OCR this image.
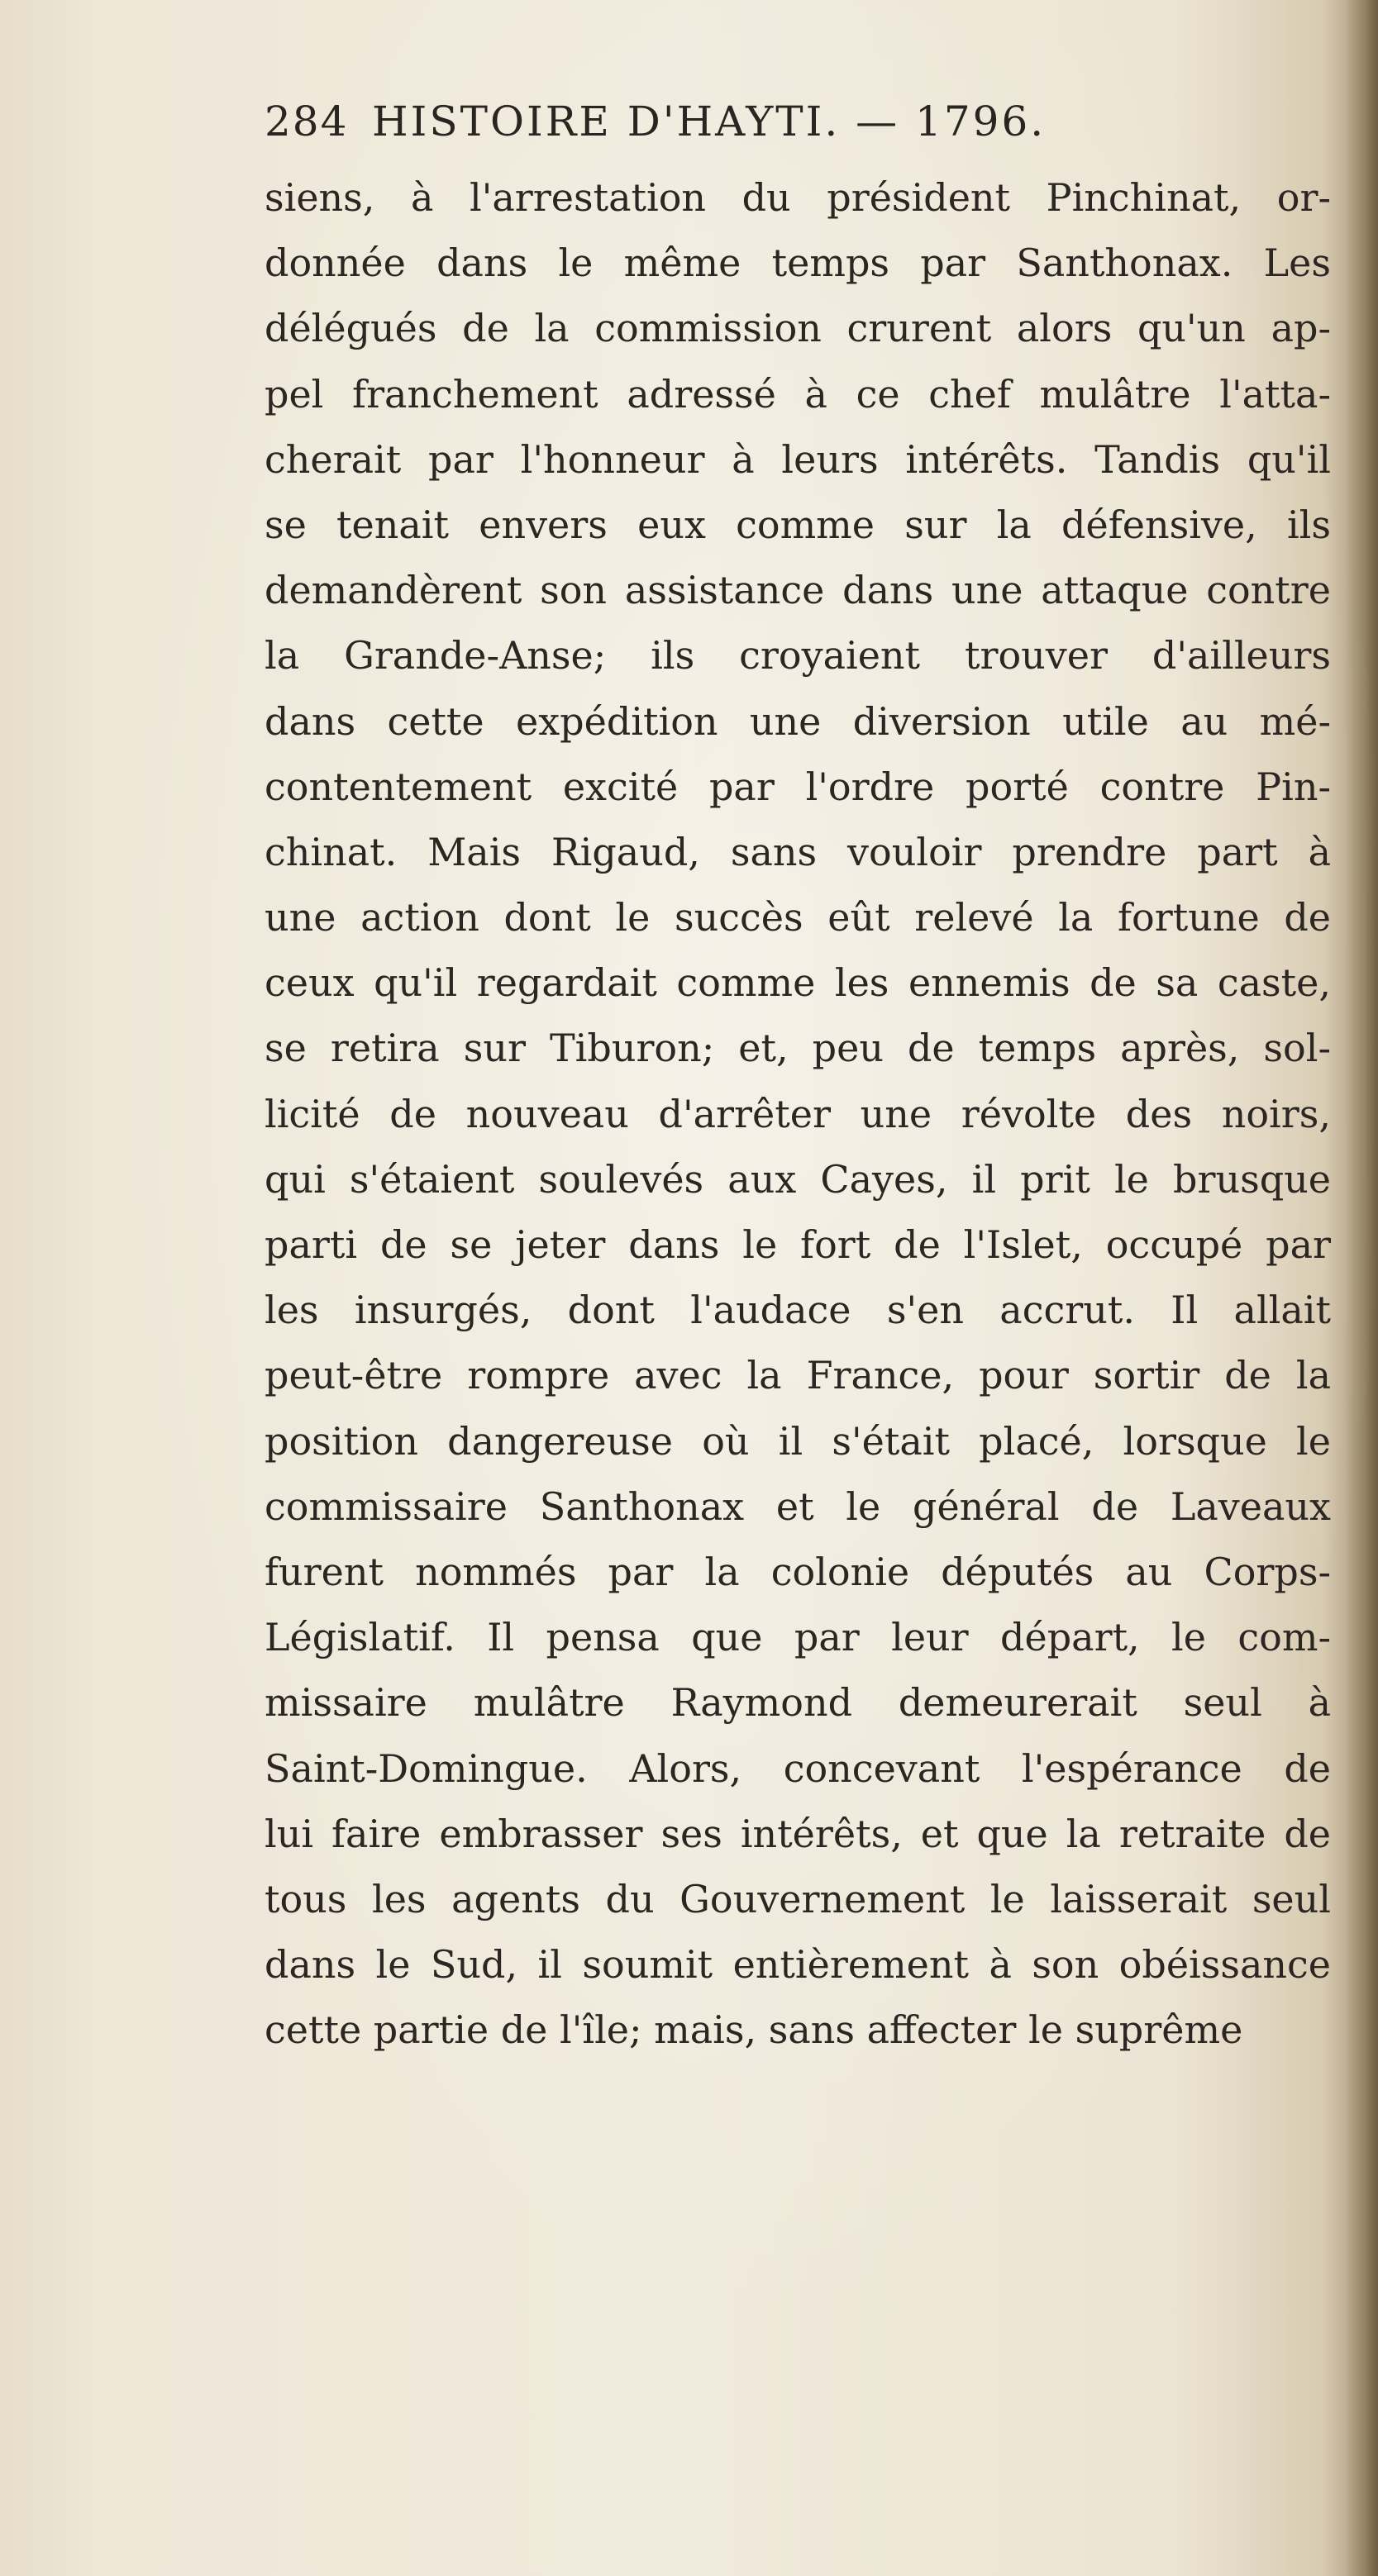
284 HISTOIRE D'HAYTI. — 1796.
siens, à l'arrestation du président Pinchinat, or-
donnée dans le même temps par Santhonax. Les
délégués de la commission crurent alors qu'un ap-
pel franchement adressé à ce chef mulâtre l'atta-
cherait par l'honneur à leurs intérêts. Tandis qu'il
se tenait envers eux comme sur la défensive, ils
demandèrent son assistance dans une attaque contre
la Grande-Anse; ils croyaient trouver d'ailleurs
dans cette expédition une diversion utile au mé-
contentement excité par l'ordre porté contre Pin-
chinat. Mais Rigaud, sans vouloir prendre part à
une action dont le succès eût relevé la fortune de
ceux qu'il regardait comme les ennemis de sa caste,
se retira sur Tiburon; et, peu de temps après, sol-
licité de nouveau d'arrêter une révolte des noirs,
qui s'étaient soulevés aux Cayes, il prit le brusque
parti de se jeter dans le fort de l'Islet, occupé par
les insurgés, dont l'audace s'en accrut. Il allait
peut-être rompre avec la France, pour sortir de la
position dangereuse où il s'était placé, lorsque le
commissaire Santhonax et le général de Laveaux
furent nommés par la colonie députés au Corps-
Législatif. Il pensa que par leur départ, le com-
missaire mulâtre Raymond demeurerait seul à
Saint-Domingue. Alors, concevant l'espérance de
lui faire embrasser ses intérêts, et que la retraite de
tous les agents du Gouvernement le laisserait seul
dans le Sud, il soumit entièrement à son obéissance
cette partie de l'île; mais, sans affecter le suprême
